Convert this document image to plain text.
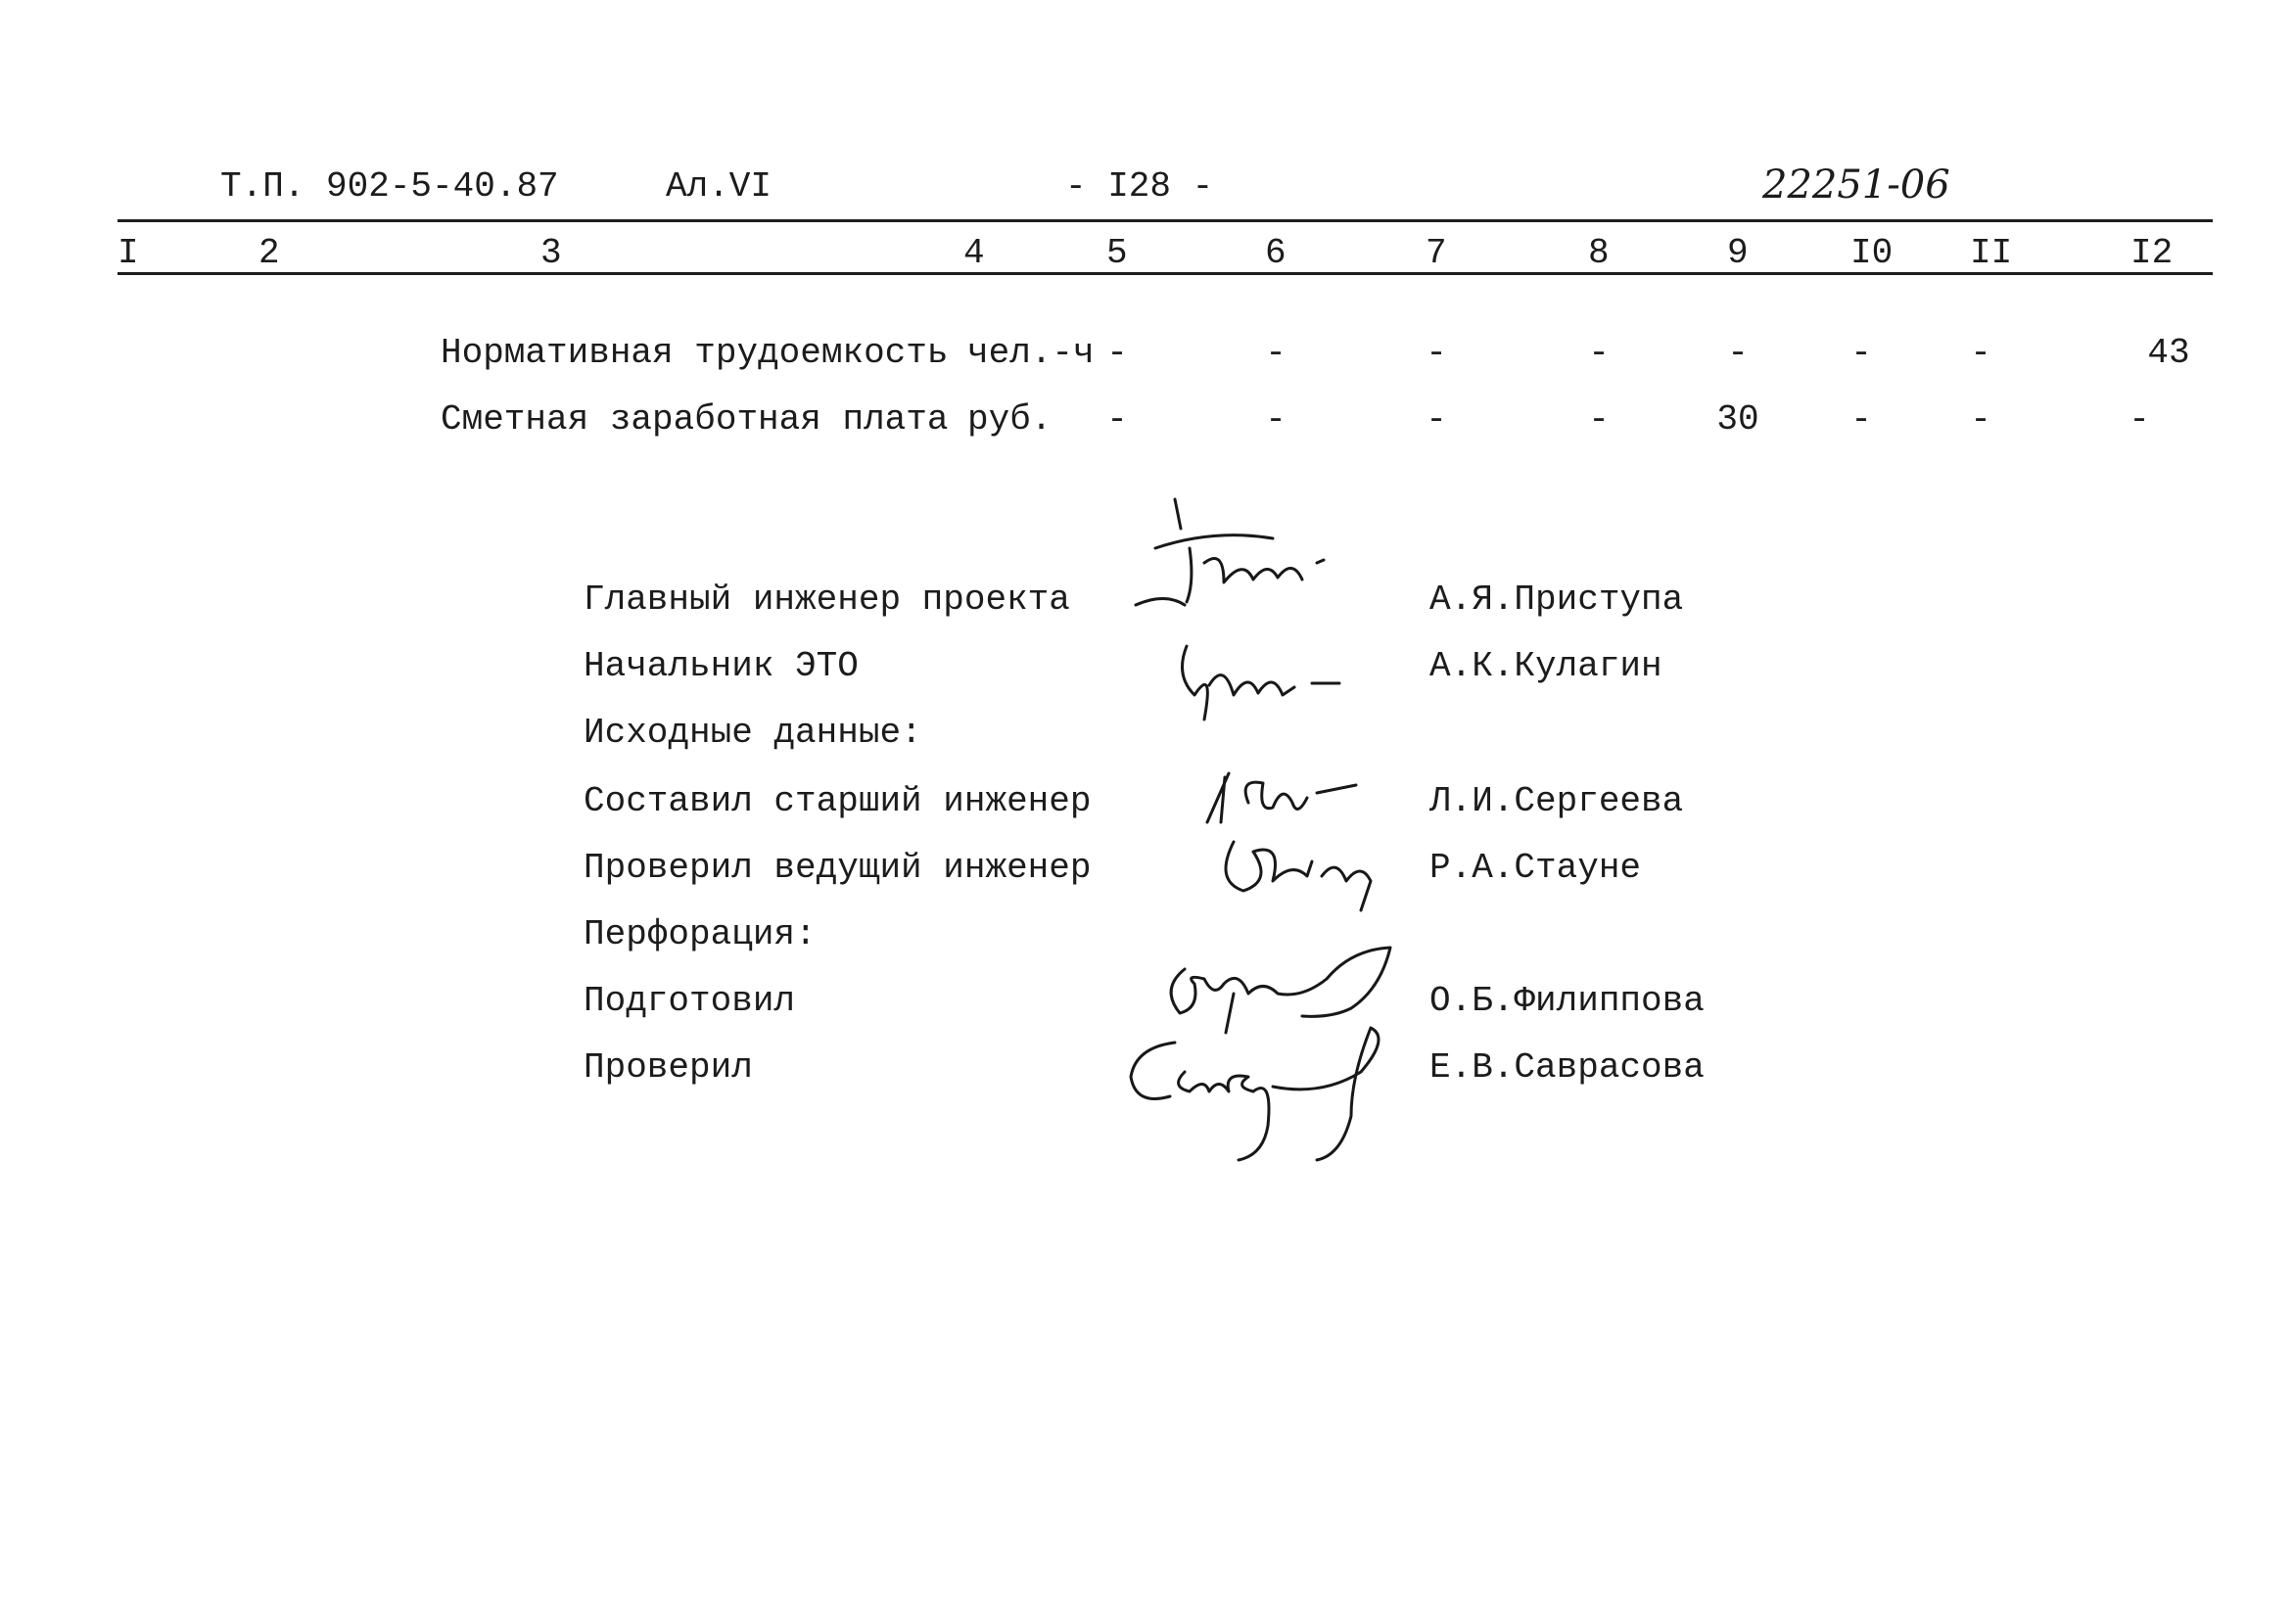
Т.П. 902-5-40.87	Ал.VI	- I28 -	22251-06
I	2	3	4	5	6	7	8	9	I0 II	I2
Нормативная трудоемкость чел.-ч -	-	-	-	-	-	-	43
Сметная заработная плата руб.	-	-	-	-	30	-	-	-
Главный инженер проекта	А.Я.Приступа
Начальник ЭТО	А.К.Кулагин
Исходные данные:
Составил старший инженер	Л.И.Сергеева
Проверил ведущий инженер	Р.А.Стауне
Перфорация:
Подготовил	О.Б.Филиппова
Проверил	Е.В.Саврасова
